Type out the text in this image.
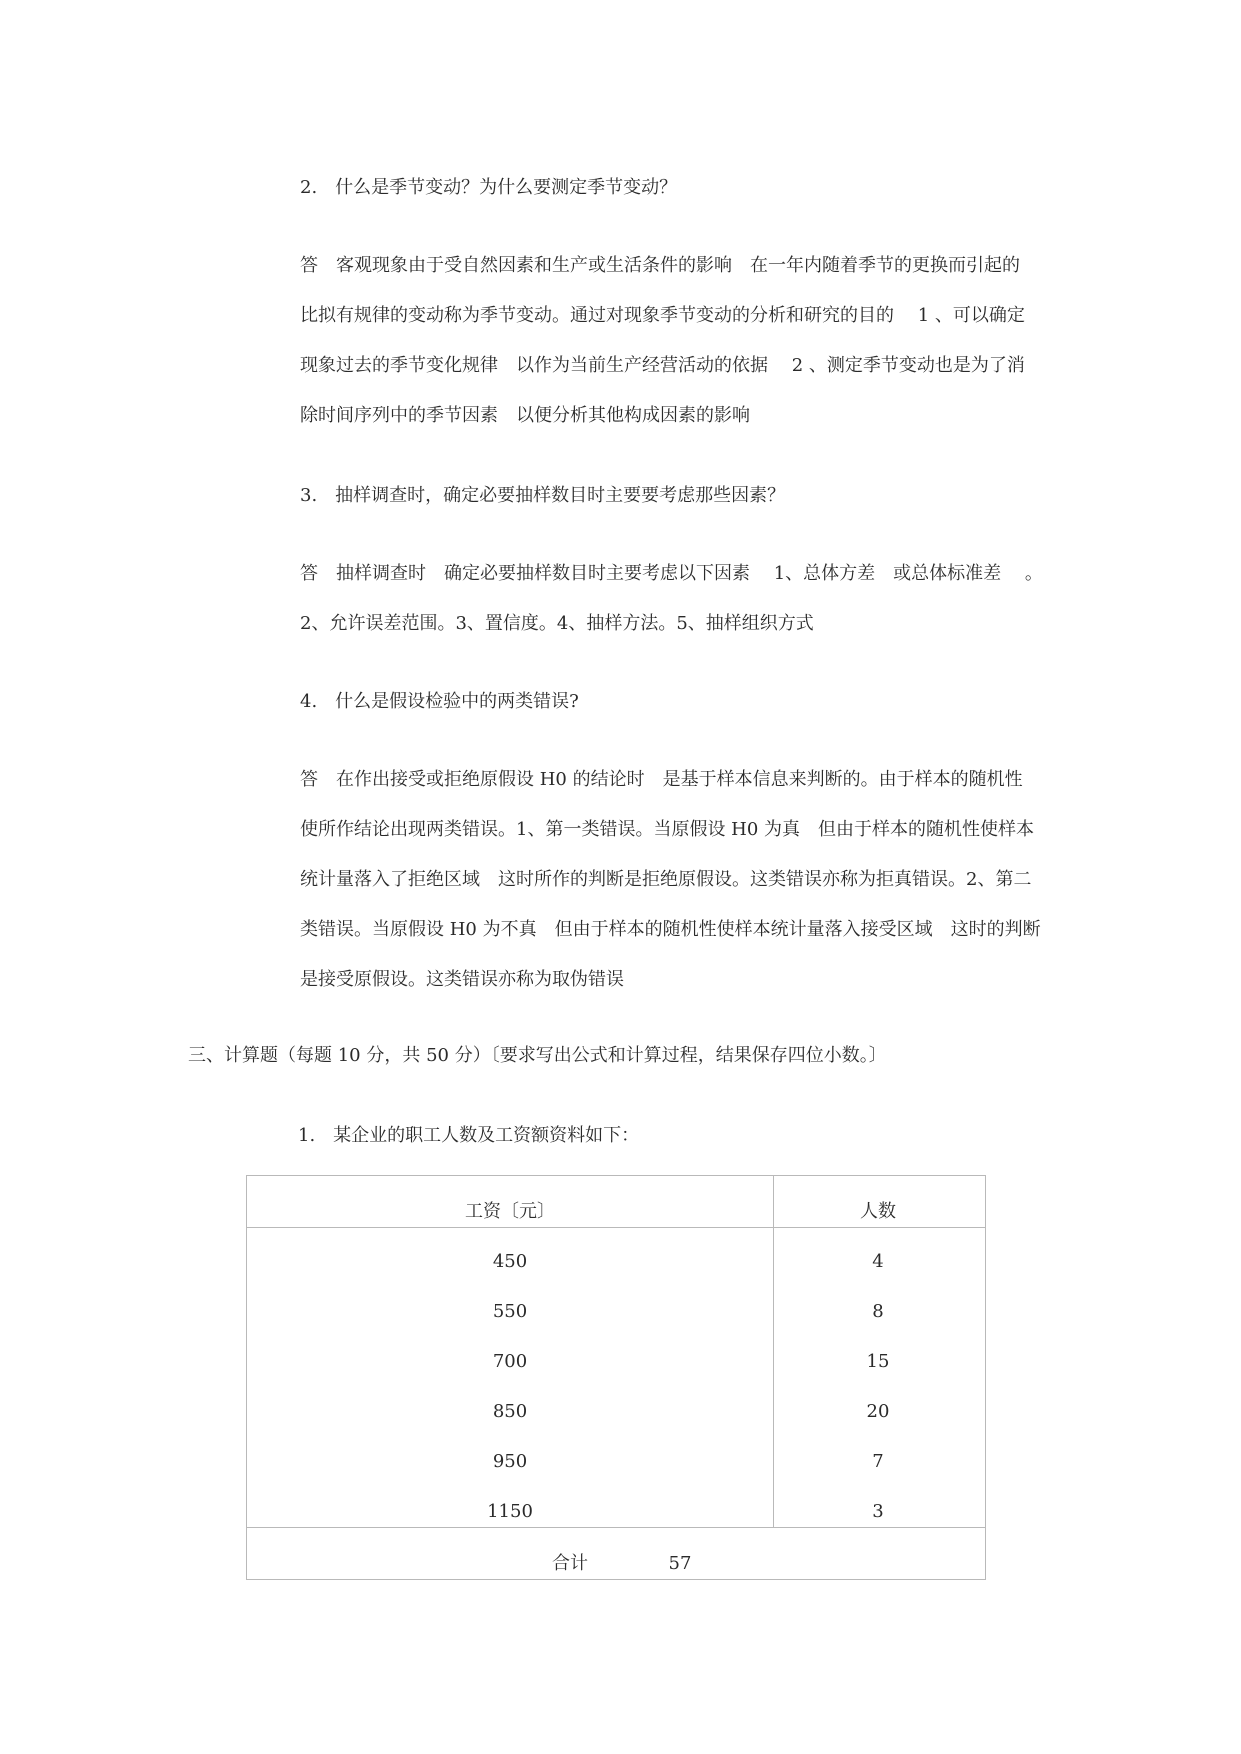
2.　什么是季节变动？为什么要测定季节变动？
答　客观现象由于受自然因素和生产或生活条件的影响　在一年内随着季节的更换而引起的
比拟有规律的变动称为季节变动。通过对现象季节变动的分析和研究的目的　 1 、可以确定
现象过去的季节变化规律　以作为当前生产经营活动的依据　 2 、测定季节变动也是为了消
除时间序列中的季节因素　以便分析其他构成因素的影响
3.　抽样调查时，确定必要抽样数目时主要要考虑那些因素？
答　抽样调查时　确定必要抽样数目时主要考虑以下因素　 1、总体方差　或总体标准差　 。
2、允许误差范围。3、置信度。4、抽样方法。5、抽样组织方式
4.　什么是假设检验中的两类错误?
答　在作出接受或拒绝原假设 H0 的结论时　是基于样本信息来判断的。由于样本的随机性
使所作结论出现两类错误。1、第一类错误。当原假设 H0 为真　但由于样本的随机性使样本
统计量落入了拒绝区域　这时所作的判断是拒绝原假设。这类错误亦称为拒真错误。2、第二
类错误。当原假设 H0 为不真　但由于样本的随机性使样本统计量落入接受区域　这时的判断
是接受原假设。这类错误亦称为取伪错误
三、计算题（每题 10 分，共 50 分）〔要求写出公式和计算过程，结果保存四位小数。〕
1.　某企业的职工人数及工资额资料如下：
工资〔元〕	人数
450	4
550	8
700	15
850	20
950	7
1150	3
合计	57
